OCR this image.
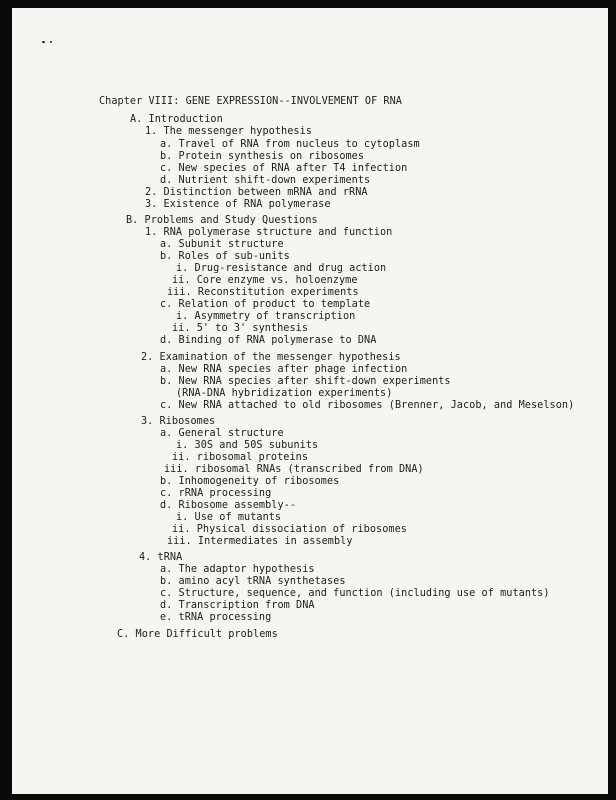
Chapter VIII: GENE EXPRESSION--INVOLVEMENT OF RNA
A. Introduction
1. The messenger hypothesis
a. Travel of RNA from nucleus to cytoplasm
b. Protein synthesis on ribosomes
c. New species of RNA after T4 infection
d. Nutrient shift-down experiments
2. Distinction between mRNA and rRNA
3. Existence of RNA polymerase
B. Problems and Study Questions
1. RNA polymerase structure and function
a. Subunit structure
b. Roles of sub-units
i. Drug-resistance and drug action
ii. Core enzyme vs. holoenzyme
iii. Reconstitution experiments
c. Relation of product to template
i. Asymmetry of transcription
ii. 5' to 3' synthesis
d. Binding of RNA polymerase to DNA
2. Examination of the messenger hypothesis
a. New RNA species after phage infection
b. New RNA species after shift-down experiments
(RNA-DNA hybridization experiments)
c. New RNA attached to old ribosomes (Brenner, Jacob, and Meselson)
3. Ribosomes
a. General structure
i. 30S and 50S subunits
ii. ribosomal proteins
iii. ribosomal RNAs (transcribed from DNA)
b. Inhomogeneity of ribosomes
c. rRNA processing
d. Ribosome assembly--
i. Use of mutants
ii. Physical dissociation of ribosomes
iii. Intermediates in assembly
4. tRNA
a. The adaptor hypothesis
b. amino acyl tRNA synthetases
c. Structure, sequence, and function (including use of mutants)
d. Transcription from DNA
e. tRNA processing
C. More Difficult problems
